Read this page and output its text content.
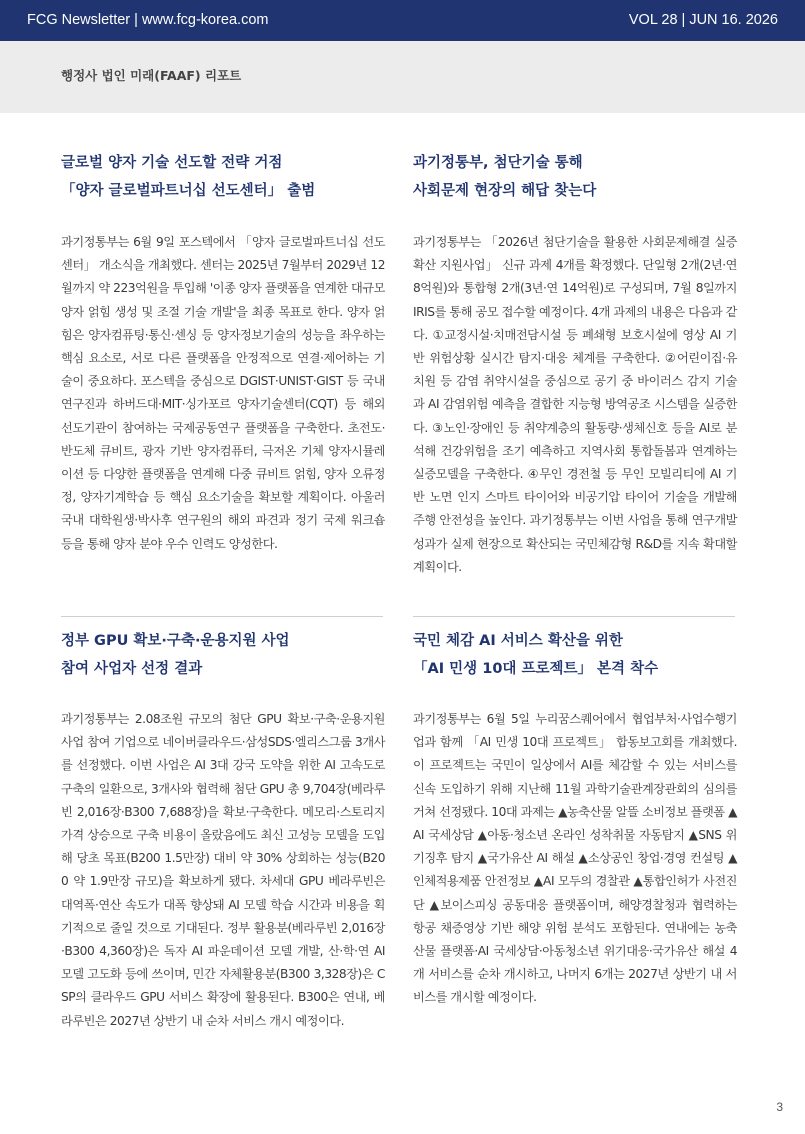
FCG Newsletter | www.fcg-korea.com	VOL 28 | JUN 16. 2026
행정사 법인 미래(FAAF) 리포트

글로벌 양자 기술 선도할 전략 거점

「양자 글로벌파트너십 선도센터」 출범

과기정통부는 6월 9일 포스텍에서 「양자 글로벌파트너십 선도센터」 개소식을 개최했다. 센터는 2025년 7월부터 2029년 12월까지 약 223억원을 투입해 '이종 양자 플랫폼을 연계한 대규모 양자 얽힘 생성 및 조절 기술 개발'을 최종 목표로 한다. 양자 얽힘은 양자컴퓨팅·통신·센싱 등 양자정보기술의 성능을 좌우하는 핵심 요소로, 서로 다른 플랫폼을 안정적으로 연결·제어하는 기술이 중요하다. 포스텍을 중심으로 DGIST·UNIST·GIST 등 국내 연구진과 하버드대·MIT·싱가포르 양자기술센터(CQT) 등 해외 선도기관이 참여하는 국제공동연구 플랫폼을 구축한다. 초전도·반도체 큐비트, 광자 기반 양자컴퓨터, 극저온 기체 양자시뮬레이션 등 다양한 플랫폼을 연계해 다중 큐비트 얽힘, 양자 오류정정, 양자기계학습 등 핵심 요소기술을 확보할 계획이다. 아울러 국내 대학원생·박사후 연구원의 해외 파견과 정기 국제 워크숍 등을 통해 양자 분야 우수 인력도 양성한다.

과기정통부, 첨단기술 통해

사회문제 현장의 해답 찾는다

과기정통부는 「2026년 첨단기술을 활용한 사회문제해결 실증확산 지원사업」 신규 과제 4개를 확정했다. 단일형 2개(2년·연 8억원)와 통합형 2개(3년·연 14억원)로 구성되며, 7월 8일까지 IRIS를 통해 공모 접수할 예정이다. 4개 과제의 내용은 다음과 같다. ①교정시설·치매전담시설 등 폐쇄형 보호시설에 영상 AI 기반 위험상황 실시간 탐지·대응 체계를 구축한다. ②어린이집·유치원 등 감염 취약시설을 중심으로 공기 중 바이러스 감지 기술과 AI 감염위험 예측을 결합한 지능형 방역공조 시스템을 실증한다. ③노인·장애인 등 취약계층의 활동량·생체신호 등을 AI로 분석해 건강위험을 조기 예측하고 지역사회 통합돌봄과 연계하는 실증모델을 구축한다. ④무인 경전철 등 무인 모빌리티에 AI 기반 노면 인지 스마트 타이어와 비공기압 타이어 기술을 개발해 주행 안전성을 높인다. 과기정통부는 이번 사업을 통해 연구개발 성과가 실제 현장으로 확산되는 국민체감형 R&D를 지속 확대할 계획이다.

정부 GPU 확보·구축·운용지원 사업

참여 사업자 선정 결과

과기정통부는 2.08조원 규모의 첨단 GPU 확보·구축·운용지원 사업 참여 기업으로 네이버클라우드·삼성SDS·엘리스그룹 3개사를 선정했다. 이번 사업은 AI 3대 강국 도약을 위한 AI 고속도로 구축의 일환으로, 3개사와 협력해 첨단 GPU 총 9,704장(베라루빈 2,016장·B300 7,688장)을 확보·구축한다. 메모리·스토리지 가격 상승으로 구축 비용이 올랐음에도 최신 고성능 모델을 도입해 당초 목표(B200 1.5만장) 대비 약 30% 상회하는 성능(B200 약 1.9만장 규모)을 확보하게 됐다. 차세대 GPU 베라루빈은 대역폭·연산 속도가 대폭 향상돼 AI 모델 학습 시간과 비용을 획기적으로 줄일 것으로 기대된다. 정부 활용분(베라루빈 2,016장·B300 4,360장)은 독자 AI 파운데이션 모델 개발, 산·학·연 AI 모델 고도화 등에 쓰이며, 민간 자체활용분(B300 3,328장)은 CSP의 클라우드 GPU 서비스 확장에 활용된다. B300은 연내, 베라루빈은 2027년 상반기 내 순차 서비스 개시 예정이다.

국민 체감 AI 서비스 확산을 위한

「AI 민생 10대 프로젝트」 본격 착수

과기정통부는 6월 5일 누리꿈스퀘어에서 협업부처·사업수행기업과 함께 「AI 민생 10대 프로젝트」 합동보고회를 개최했다. 이 프로젝트는 국민이 일상에서 AI를 체감할 수 있는 서비스를 신속 도입하기 위해 지난해 11월 과학기술관계장관회의 심의를 거쳐 선정됐다. 10대 과제는 ▲농축산물 알뜰 소비정보 플랫폼 ▲AI 국세상담 ▲아동·청소년 온라인 성착취물 자동탐지 ▲SNS 위기징후 탐지 ▲국가유산 AI 해설 ▲소상공인 창업·경영 컨설팅 ▲인체적용제품 안전정보 ▲AI 모두의 경찰관 ▲통합인허가 사전진단 ▲보이스피싱 공동대응 플랫폼이며, 해양경찰청과 협력하는 항공 채증영상 기반 해양 위험 분석도 포함된다. 연내에는 농축산물 플랫폼·AI 국세상담·아동청소년 위기대응·국가유산 해설 4개 서비스를 순차 개시하고, 나머지 6개는 2027년 상반기 내 서비스를 개시할 예정이다.

3
